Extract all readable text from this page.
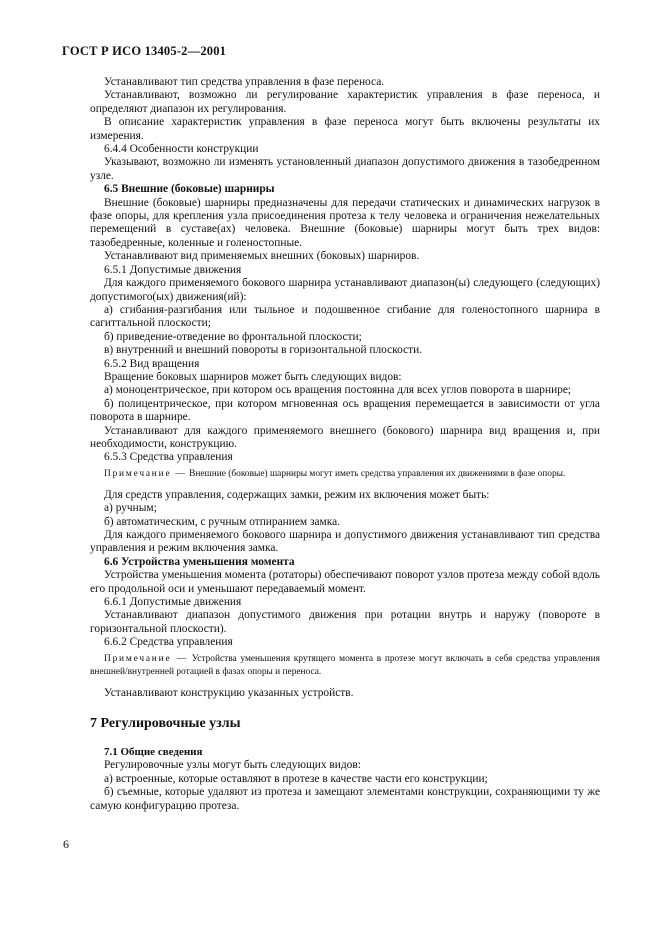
ГОСТ Р ИСО 13405-2—2001

Устанавливают тип средства управления в фазе переноса.

Устанавливают, возможно ли регулирование характеристик управления в фазе переноса, и определяют диапазон их регулирования.

В описание характеристик управления в фазе переноса могут быть включены результаты их измерения.

6.4.4 Особенности конструкции

Указывают, возможно ли изменять установленный диапазон допустимого движения в тазобедренном узле.

6.5 Внешние (боковые) шарниры

Внешние (боковые) шарниры предназначены для передачи статических и динамических нагрузок в фазе опоры, для крепления узла присоединения протеза к телу человека и ограничения нежелательных перемещений в суставе(ах) человека. Внешние (боковые) шарниры могут быть трех видов: тазобедренные, коленные и голеностопные.

Устанавливают вид применяемых внешних (боковых) шарниров.

6.5.1 Допустимые движения

Для каждого применяемого бокового шарнира устанавливают диапазон(ы) следующего (следующих) допустимого(ых) движения(ий):

а) сгибания-разгибания или тыльное и подошвенное сгибание для голеностопного шарнира в сагиттальной плоскости;

б) приведение-отведение во фронтальной плоскости;

в) внутренний и внешний повороты в горизонтальной плоскости.

6.5.2 Вид вращения

Вращение боковых шарниров может быть следующих видов:

а) моноцентрическое, при котором ось вращения постоянна для всех углов поворота в шарнире;

б) полицентрическое, при котором мгновенная ось вращения перемещается в зависимости от угла поворота в шарнире.

Устанавливают для каждого применяемого внешнего (бокового) шарнира вид вращения и, при необходимости, конструкцию.

6.5.3 Средства управления

Примечание — Внешние (боковые) шарниры могут иметь средства управления их движениями в фазе опоры.

Для средств управления, содержащих замки, режим их включения может быть:

а) ручным;

б) автоматическим, с ручным отпиранием замка.

Для каждого применяемого бокового шарнира и допустимого движения устанавливают тип средства управления и режим включения замка.

6.6 Устройства уменьшения момента

Устройства уменьшения момента (ротаторы) обеспечивают поворот узлов протеза между собой вдоль его продольной оси и уменьшают передаваемый момент.

6.6.1 Допустимые движения

Устанавливают диапазон допустимого движения при ротации внутрь и наружу (повороте в горизонтальной плоскости).

6.6.2 Средства управления

Примечание — Устройства уменьшения крутящего момента в протезе могут включать в себя средства управления внешней/внутренней ротацией в фазах опоры и переноса.

Устанавливают конструкцию указанных устройств.

7 Регулировочные узлы

7.1 Общие сведения

Регулировочные узлы могут быть следующих видов:

а) встроенные, которые оставляют в протезе в качестве части его конструкции;

б) съемные, которые удаляют из протеза и замещают элементами конструкции, сохраняющими ту же самую конфигурацию протеза.

6
